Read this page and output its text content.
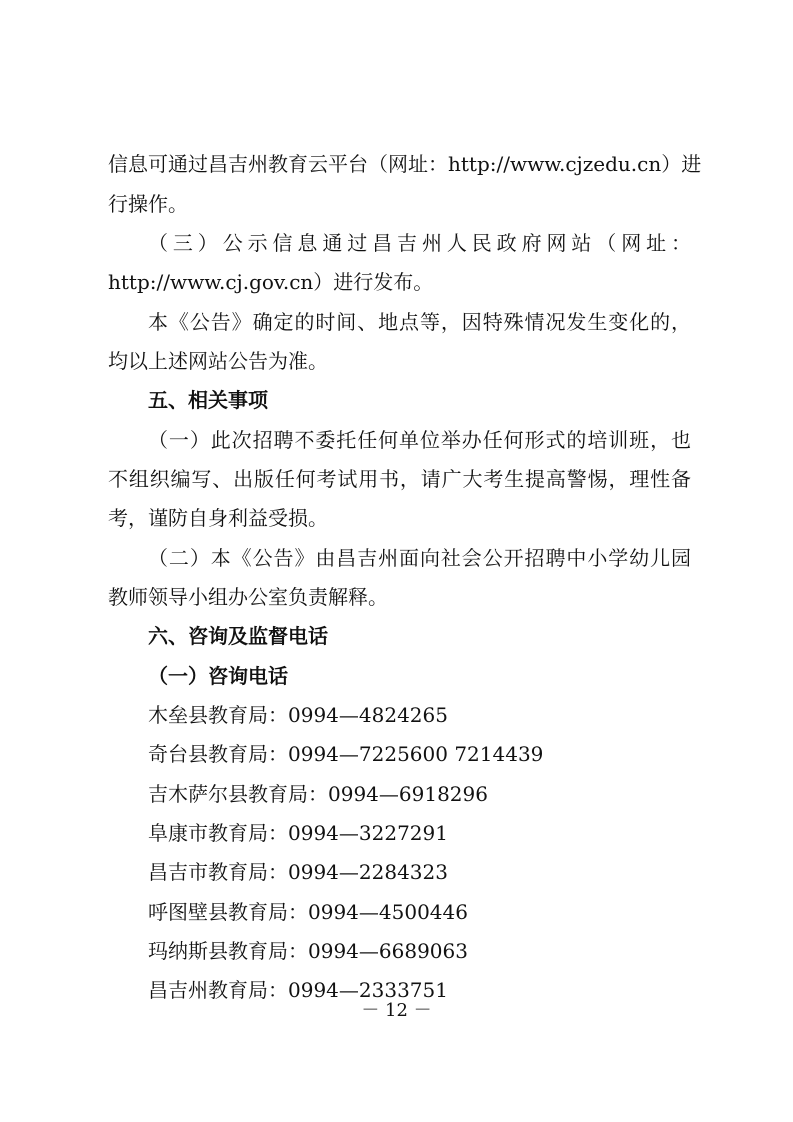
信息可通过昌吉州教育云平台（网址：http://www.cjzedu.cn）进
行操作。
（三）公示信息通过昌吉州人民政府网站（网址：
http://www.cj.gov.cn）进行发布。
本《公告》确定的时间、地点等，因特殊情况发生变化的，
均以上述网站公告为准。
五、相关事项
（一）此次招聘不委托任何单位举办任何形式的培训班，也
不组织编写、出版任何考试用书，请广大考生提高警惕，理性备
考，谨防自身利益受损。
（二）本《公告》由昌吉州面向社会公开招聘中小学幼儿园
教师领导小组办公室负责解释。
六、咨询及监督电话
（一）咨询电话
木垒县教育局：0994—4824265
奇台县教育局：0994—7225600 7214439
吉木萨尔县教育局：0994—6918296
阜康市教育局：0994—3227291
昌吉市教育局：0994—2284323
呼图壁县教育局：0994—4500446
玛纳斯县教育局：0994—6689063
昌吉州教育局：0994—2333751
－ 12 －
